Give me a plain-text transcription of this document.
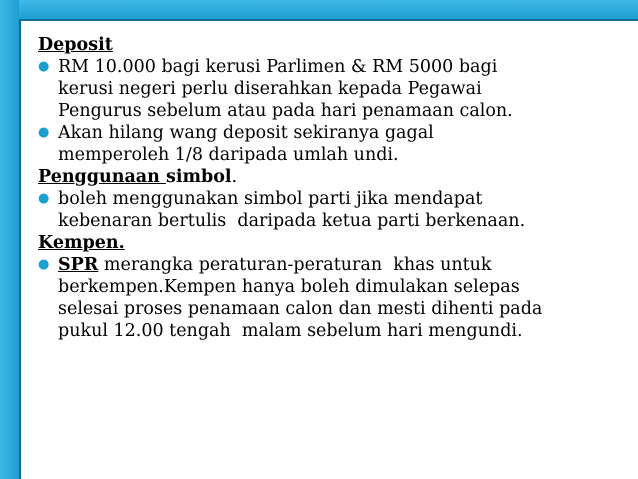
Deposit
● RM 10.000 bagi kerusi Parlimen & RM 5000 bagi
kerusi negeri perlu diserahkan kepada Pegawai
Pengurus sebelum atau pada hari penamaan calon.
● Akan hilang wang deposit sekiranya gagal
memperoleh 1/8 daripada umlah undi.
Penggunaan simbol.
● boleh menggunakan simbol parti jika mendapat
kebenaran bertulis  daripada ketua parti berkenaan.
Kempen.
● SPR merangka peraturan-peraturan  khas untuk
berkempen.Kempen hanya boleh dimulakan selepas
selesai proses penamaan calon dan mesti dihenti pada
pukul 12.00 tengah  malam sebelum hari mengundi.
